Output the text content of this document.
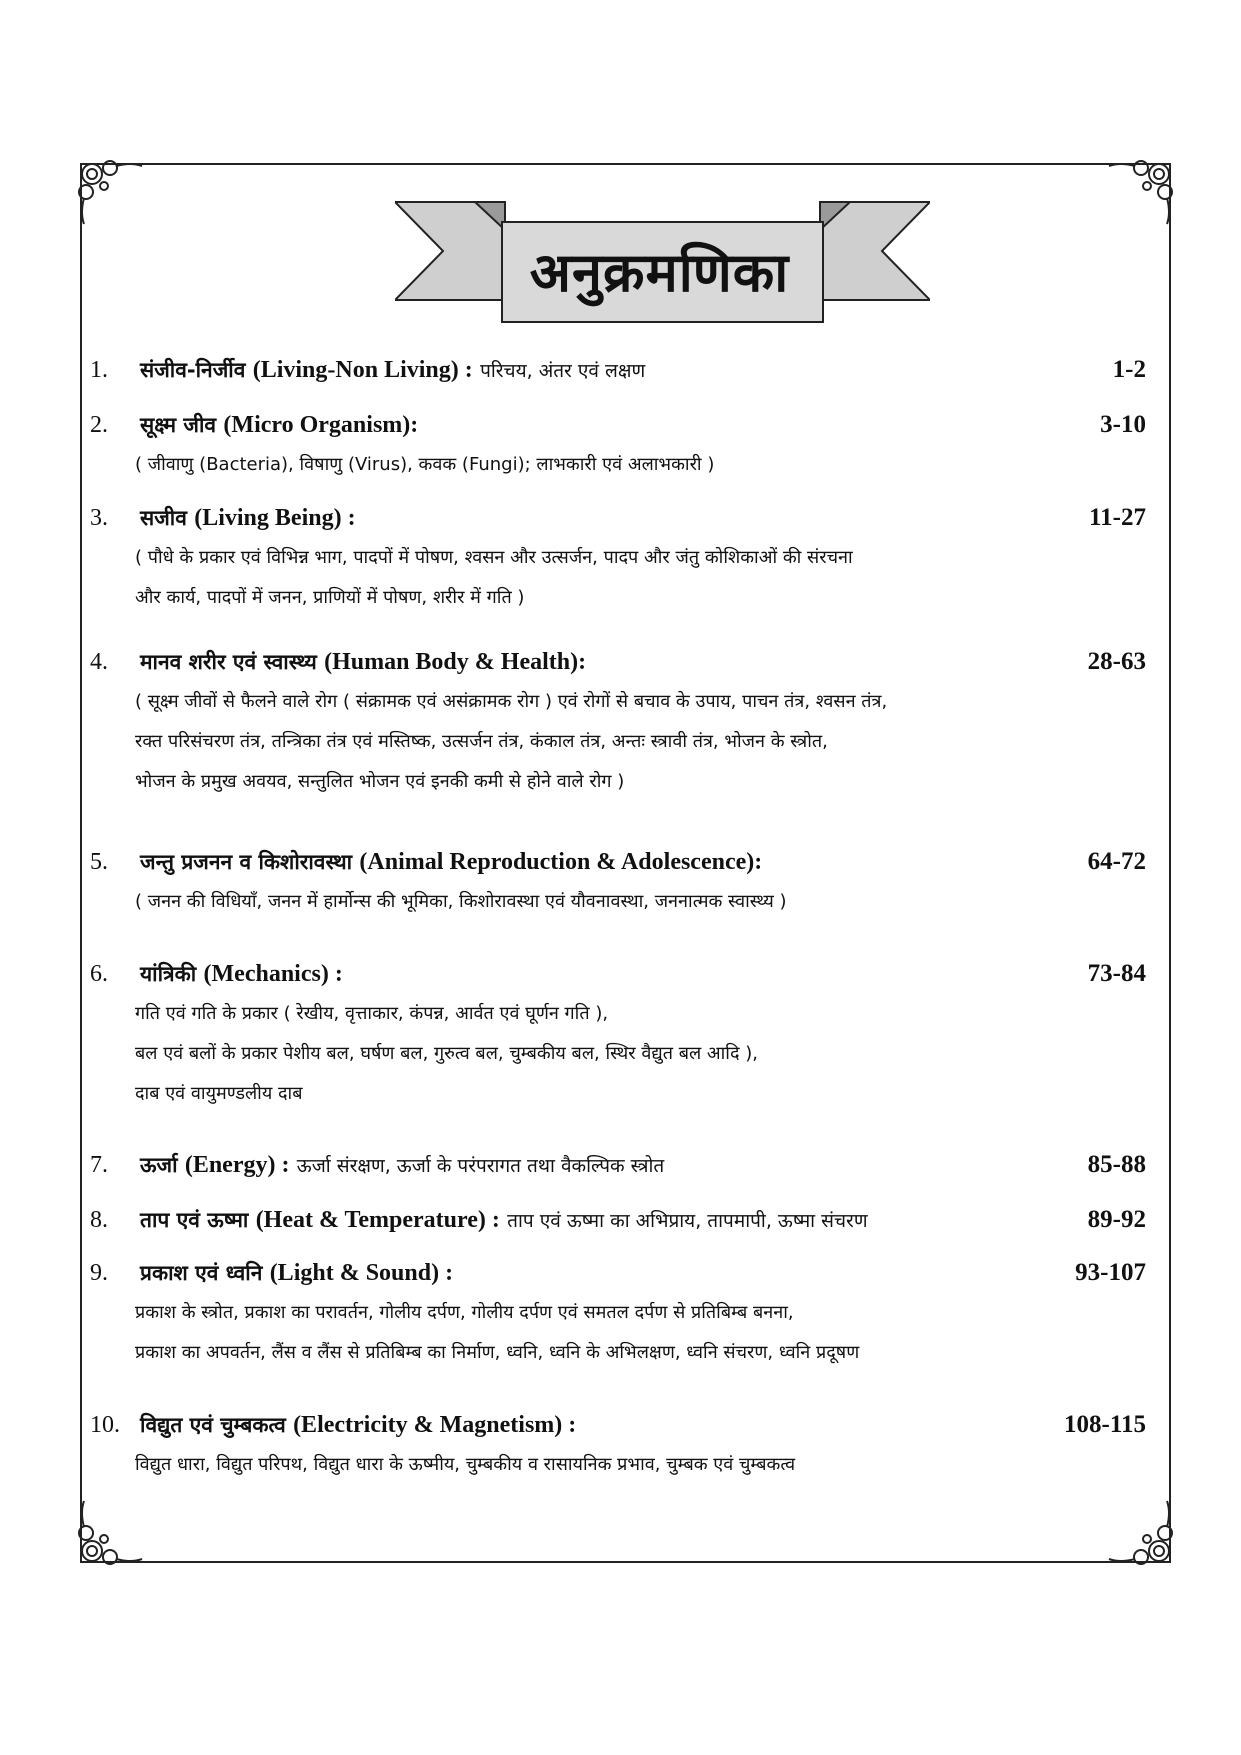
अनुक्रमणिका
1.	संजीव-निर्जीव (Living-Non Living) : परिचय, अंतर एवं लक्षण	1-2
2.	सूक्ष्म जीव (Micro Organism):	3-10
( जीवाणु (Bacteria), विषाणु (Virus), कवक (Fungi); लाभकारी एवं अलाभकारी )
3.	सजीव (Living Being) :	11-27
( पौधे के प्रकार एवं विभिन्न भाग, पादपों में पोषण, श्वसन और उत्सर्जन, पादप और जंतु कोशिकाओं की संरचना
और कार्य, पादपों में जनन, प्राणियों में पोषण, शरीर में गति )
4.	मानव शरीर एवं स्वास्थ्य (Human Body & Health):	28-63
( सूक्ष्म जीवों से फैलने वाले रोग ( संक्रामक एवं असंक्रामक रोग ) एवं रोगों से बचाव के उपाय, पाचन तंत्र, श्वसन तंत्र,
रक्त परिसंचरण तंत्र, तन्त्रिका तंत्र एवं मस्तिष्क, उत्सर्जन तंत्र, कंकाल तंत्र, अन्तः स्त्रावी तंत्र, भोजन के स्त्रोत,
भोजन के प्रमुख अवयव, सन्तुलित भोजन एवं इनकी कमी से होने वाले रोग )
5.	जन्तु प्रजनन व किशोरावस्था (Animal Reproduction & Adolescence):	64-72
( जनन की विधियाँ, जनन में हार्मोन्स की भूमिका, किशोरावस्था एवं यौवनावस्था, जननात्मक स्वास्थ्य )
6.	यांत्रिकी (Mechanics) :	73-84
गति एवं गति के प्रकार ( रेखीय, वृत्ताकार, कंपन्न, आर्वत एवं घूर्णन गति ),
बल एवं बलों के प्रकार पेशीय बल, घर्षण बल, गुरुत्व बल, चुम्बकीय बल, स्थिर वैद्युत बल आदि ),
दाब एवं वायुमण्डलीय दाब
7.	ऊर्जा (Energy) : ऊर्जा संरक्षण, ऊर्जा के परंपरागत तथा वैकल्पिक स्त्रोत	85-88
8.	ताप एवं ऊष्मा (Heat & Temperature) : ताप एवं ऊष्मा का अभिप्राय, तापमापी, ऊष्मा संचरण	89-92
9.	प्रकाश एवं ध्वनि (Light & Sound) :	93-107
प्रकाश के स्त्रोत, प्रकाश का परावर्तन, गोलीय दर्पण, गोलीय दर्पण एवं समतल दर्पण से प्रतिबिम्ब बनना,
प्रकाश का अपवर्तन, लैंस व लैंस से प्रतिबिम्ब का निर्माण, ध्वनि, ध्वनि के अभिलक्षण, ध्वनि संचरण, ध्वनि प्रदूषण
10. विद्युत एवं चुम्बकत्व (Electricity & Magnetism) :	108-115
विद्युत धारा, विद्युत परिपथ, विद्युत धारा के ऊष्मीय, चुम्बकीय व रासायनिक प्रभाव, चुम्बक एवं चुम्बकत्व
